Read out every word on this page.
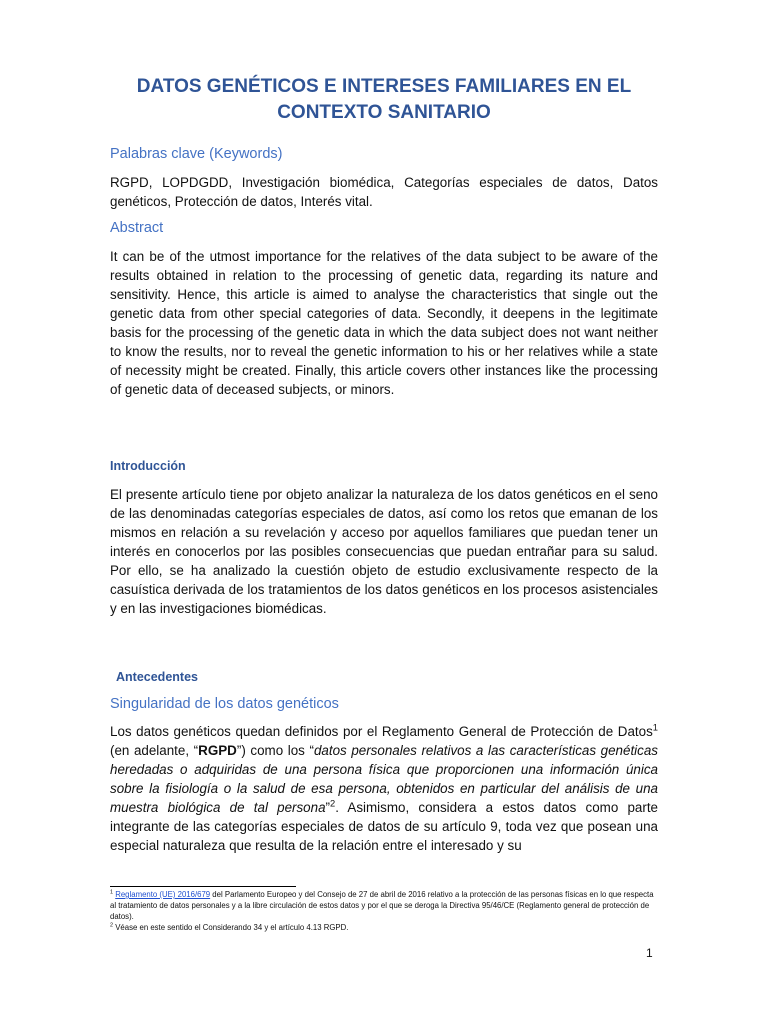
DATOS GENÉTICOS E INTERESES FAMILIARES EN EL CONTEXTO SANITARIO
Palabras clave (Keywords)

RGPD, LOPDGDD, Investigación biomédica, Categorías especiales de datos, Datos genéticos, Protección de datos, Interés vital.

Abstract

It can be of the utmost importance for the relatives of the data subject to be aware of the results obtained in relation to the processing of genetic data, regarding its nature and sensitivity. Hence, this article is aimed to analyse the characteristics that single out the genetic data from other special categories of data. Secondly, it deepens in the legitimate basis for the processing of the genetic data in which the data subject does not want neither to know the results, nor to reveal the genetic information to his or her relatives while a state of necessity might be created. Finally, this article covers other instances like the processing of genetic data of deceased subjects, or minors.

Introducción

El presente artículo tiene por objeto analizar la naturaleza de los datos genéticos en el seno de las denominadas categorías especiales de datos, así como los retos que emanan de los mismos en relación a su revelación y acceso por aquellos familiares que puedan tener un interés en conocerlos por las posibles consecuencias que puedan entrañar para su salud. Por ello, se ha analizado la cuestión objeto de estudio exclusivamente respecto de la casuística derivada de los tratamientos de los datos genéticos en los procesos asistenciales y en las investigaciones biomédicas.

Antecedentes
Singularidad de los datos genéticos

Los datos genéticos quedan definidos por el Reglamento General de Protección de Datos$^1$ (en adelante, “RGPD”) como los “datos personales relativos a las características genéticas heredadas o adquiridas de una persona física que proporcionen una información única sobre la fisiología o la salud de esa persona, obtenidos en particular del análisis de una muestra biológica de tal persona”$^2$. Asimismo, considera a estos datos como parte integrante de las categorías especiales de datos de su artículo 9, toda vez que posean una especial naturaleza que resulta de la relación entre el interesado y su

$^1$ Reglamento (UE) 2016/679 del Parlamento Europeo y del Consejo de 27 de abril de 2016 relativo a la protección de las personas físicas en lo que respecta al tratamiento de datos personales y a la libre circulación de estos datos y por el que se deroga la Directiva 95/46/CE (Reglamento general de protección de datos).

$^2$ Véase en este sentido el Considerando 34 y el artículo 4.13 RGPD.

1
